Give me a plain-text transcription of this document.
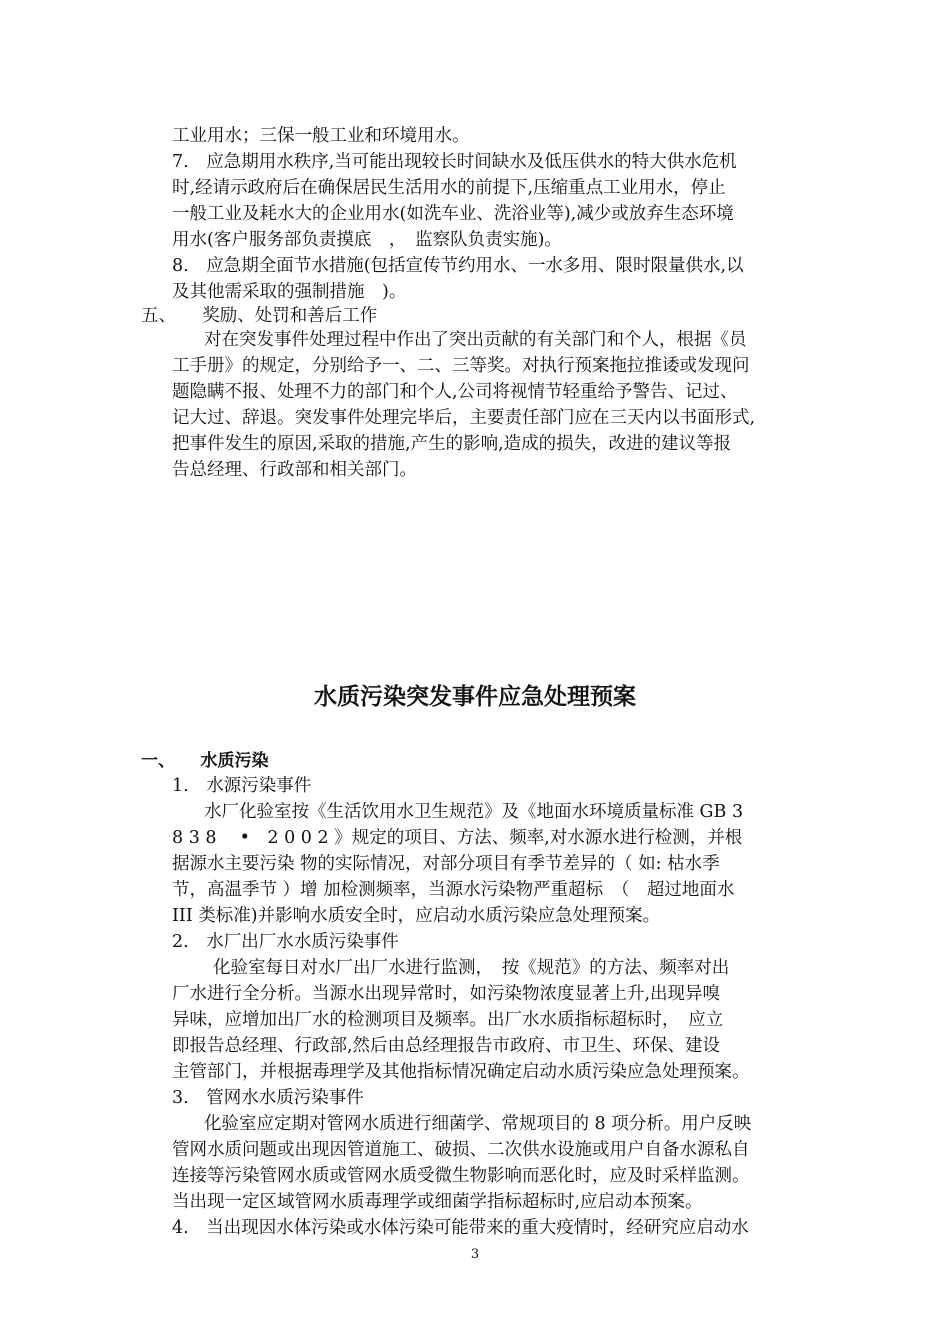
工业用水；三保一般工业和环境用水。
7.　应急期用水秩序,当可能出现较长时间缺水及低压供水的特大供水危机
时,经请示政府后在确保居民生活用水的前提下,压缩重点工业用水，停止
一般工业及耗水大的企业用水(如洗车业、洗浴业等),减少或放弃生态环境
用水(客户服务部负责摸底　，　监察队负责实施)。
8.　应急期全面节水措施(包括宣传节约用水、一水多用、限时限量供水,以
及其他需采取的强制措施　)。
五、　　奖励、处罚和善后工作
对在突发事件处理过程中作出了突出贡献的有关部门和个人，根据《员
工手册》的规定，分别给予一、二、三等奖。对执行预案拖拉推诿或发现问
题隐瞒不报、处理不力的部门和个人,公司将视情节轻重给予警告、记过、
记大过、辞退。突发事件处理完毕后，主要责任部门应在三天内以书面形式,
把事件发生的原因,采取的措施,产生的影响,造成的损失，改进的建议等报
告总经理、行政部和相关部门。
水质污染突发事件应急处理预案
一、　　水质污染
1.　水源污染事件
水厂化验室按《生活饮用水卫生规范》及《地面水环境质量标准 GB 3
8 3 8 　•　2 0 0 2 》规定的项目、方法、频率,对水源水进行检测，并根
据源水主要污染 物的实际情况，对部分项目有季节差异的（ 如: 枯水季
节，高温季节 ）增 加检测频率，当源水污染物严重超标　（　超过地面水
III 类标准)并影响水质安全时，应启动水质污染应急处理预案。
2.　水厂出厂水水质污染事件
化验室每日对水厂出厂水进行监测，　按《规范》的方法、频率对出
厂水进行全分析。当源水出现异常时，如污染物浓度显著上升,出现异嗅
异味，应增加出厂水的检测项目及频率。出厂水水质指标超标时，　应立
即报告总经理、行政部,然后由总经理报告市政府、市卫生、环保、建设
主管部门，并根据毒理学及其他指标情况确定启动水质污染应急处理预案。
3.　管网水水质污染事件
化验室应定期对管网水质进行细菌学、常规项目的 8 项分析。用户反映
管网水质问题或出现因管道施工、破损、二次供水设施或用户自备水源私自
连接等污染管网水质或管网水质受微生物影响而恶化时，应及时采样监测。
当出现一定区域管网水质毒理学或细菌学指标超标时,应启动本预案。
4.　当出现因水体污染或水体污染可能带来的重大疫情时，经研究应启动水
3
